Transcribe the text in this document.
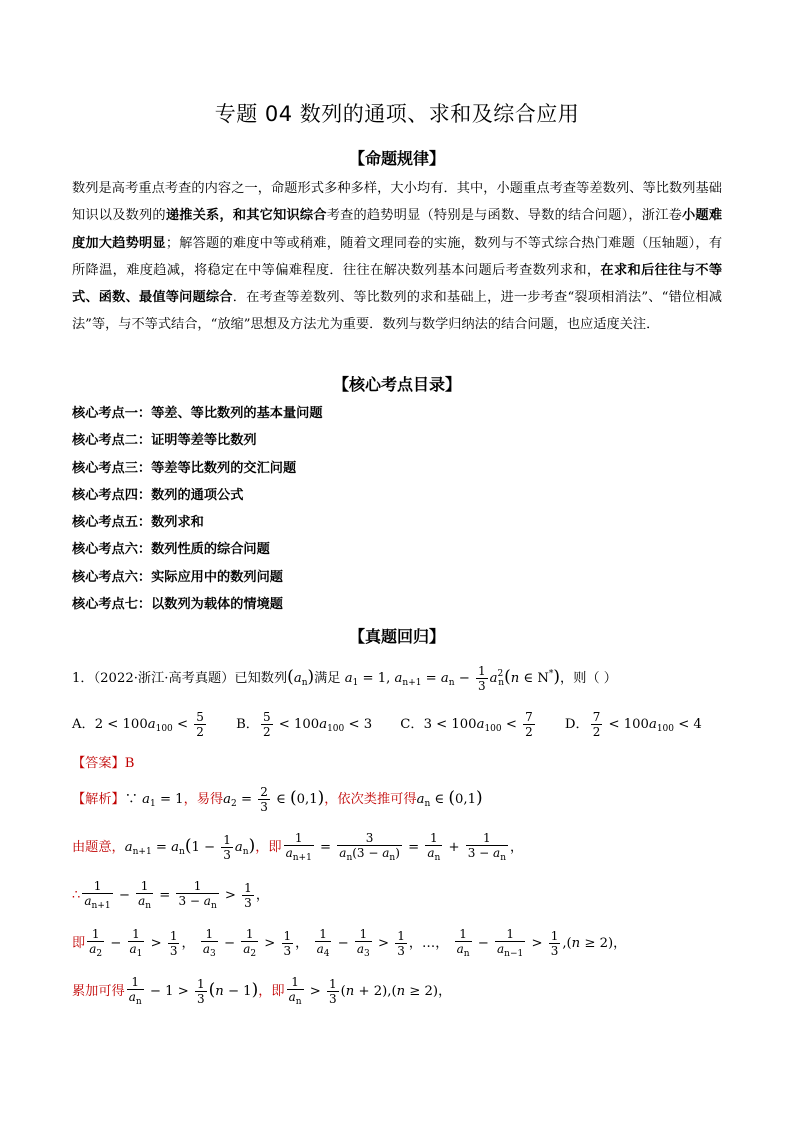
专题 04 数列的通项、求和及综合应用
【命题规律】
数列是高考重点考查的内容之一，命题形式多种多样，大小均有．其中，小题重点考查等差数列、等比数列基础知识以及数列的递推关系，和其它知识综合考查的趋势明显（特别是与函数、导数的结合问题），浙江卷小题难度加大趋势明显；解答题的难度中等或稍难，随着文理同卷的实施，数列与不等式综合热门难题（压轴题），有所降温，难度趋减，将稳定在中等偏难程度．往往在解决数列基本问题后考查数列求和，在求和后往往与不等式、函数、最值等问题综合．在考查等差数列、等比数列的求和基础上，进一步考查“裂项相消法”、“错位相减法”等，与不等式结合，“放缩”思想及方法尤为重要．数列与数学归纳法的结合问题，也应适度关注．
【核心考点目录】
核心考点一：等差、等比数列的基本量问题
核心考点二：证明等差等比数列
核心考点三：等差等比数列的交汇问题
核心考点四：数列的通项公式
核心考点五：数列求和
核心考点六：数列性质的综合问题
核心考点六：实际应用中的数列问题
核心考点七：以数列为载体的情境题
【真题回归】
1．（2022·浙江·高考真题）已知数列$(a_n)$满足 $a_1 = 1$, $a_{n+1} = a_n - \frac{1}{3} a^2_n(n$ ∈ N*)，则（ ）
A．$2 < 100a_{100} < \frac{5}{2}$ B． $\frac{5}{2} < 100a_{100} < 3$ C．$3 < 100a_{100} < \frac{7}{2}$ D． $\frac{7}{2} < 100a_{100} < 4$
【答案】B
【解析】∵ $a_1 = 1$，易得$a_2 = \frac{2}{3}$ ∈ (0,1)，依次类推可得$a_n$ ∈ (0,1)
由题意，$a_{n+1} = a_n(1 - \frac{1}{3} a_n)$，即 $\frac{1}{a_{n+1}} = \frac{3}{a_n(3 - a_n)} = \frac{1}{a_n} + \frac{1}{3 - a_n}$ ，
∴ $\frac{1}{a_{n+1}} - \frac{1}{a_n} = \frac{1}{3 - a_n} > \frac{1}{3}$ ，
即 $\frac{1}{a_2} - \frac{1}{a_1} > \frac{1}{3}$ ， $\frac{1}{a_3} - \frac{1}{a_2} > \frac{1}{3}$ ， $\frac{1}{a_4} - \frac{1}{a_3} > \frac{1}{3}$ ，…， $\frac{1}{a_n} - \frac{1}{a_{n-1}} > \frac{1}{3} ,(n \ge 2)$，
累加可得 $\frac{1}{a_n} - 1 > \frac{1}{3} (n - 1)$，即 $\frac{1}{a_n} > \frac{1}{3} (n + 2),(n \ge 2)$，
